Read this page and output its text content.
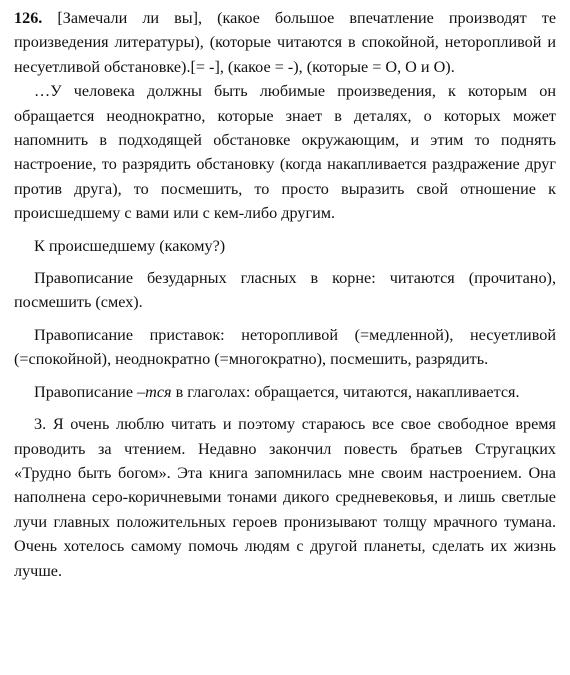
126. [Замечали ли вы], (какое большое впечатление производят те произведения литературы), (которые читаются в спокойной, неторопливой и несуетливой обстановке).[= -], (какое = -), (которые = О, О и О).

…У человека должны быть любимые произведения, к которым он обращается неоднократно, которые знает в деталях, о которых может напомнить в подходящей обстановке окружающим, и этим то поднять настроение, то разрядить обстановку (когда накапливается раздражение друг против друга), то посмешить, то просто выразить свой отношение к происшедшему с вами или с кем-либо другим.

К происшедшему (какому?)

Правописание безударных гласных в корне: читаются (прочитано), посмешить (смех).

Правописание приставок: неторопливой (=медленной), несуетливой (=спокойной), неоднократно (=многократно), посмешить, разрядить.

Правописание –тся в глаголах: обращается, читаются, накапливается.

3. Я очень люблю читать и поэтому стараюсь все свое свободное время проводить за чтением. Недавно закончил повесть братьев Стругацких «Трудно быть богом». Эта книга запомнилась мне своим настроением. Она наполнена серо-коричневыми тонами дикого средневековья, и лишь светлые лучи главных положительных героев пронизывают толщу мрачного тумана. Очень хотелось самому помочь людям с другой планеты, сделать их жизнь лучше.
